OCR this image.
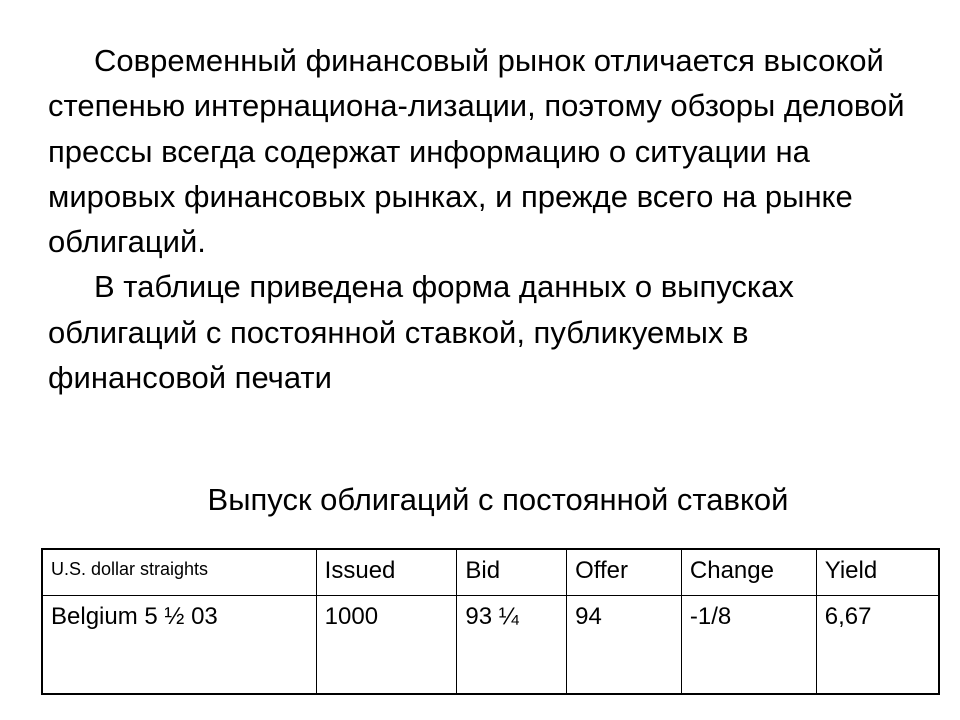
Современный финансовый рынок отличается высокой степенью интернациона-лизации, поэтому обзоры деловой прессы всегда содержат информацию о ситуации на мировых финансовых рынках, и прежде всего на рынке облигаций.

В таблице приведена форма данных о выпусках облигаций с постоянной ставкой, публикуемых в финансовой печати

Выпуск облигаций с постоянной ставкой
U.S. dollar straights	Issued	Bid	Offer	Change	Yield
Belgium 5 ½ 03	1000	93 ¼	94	-1/8	6,67
